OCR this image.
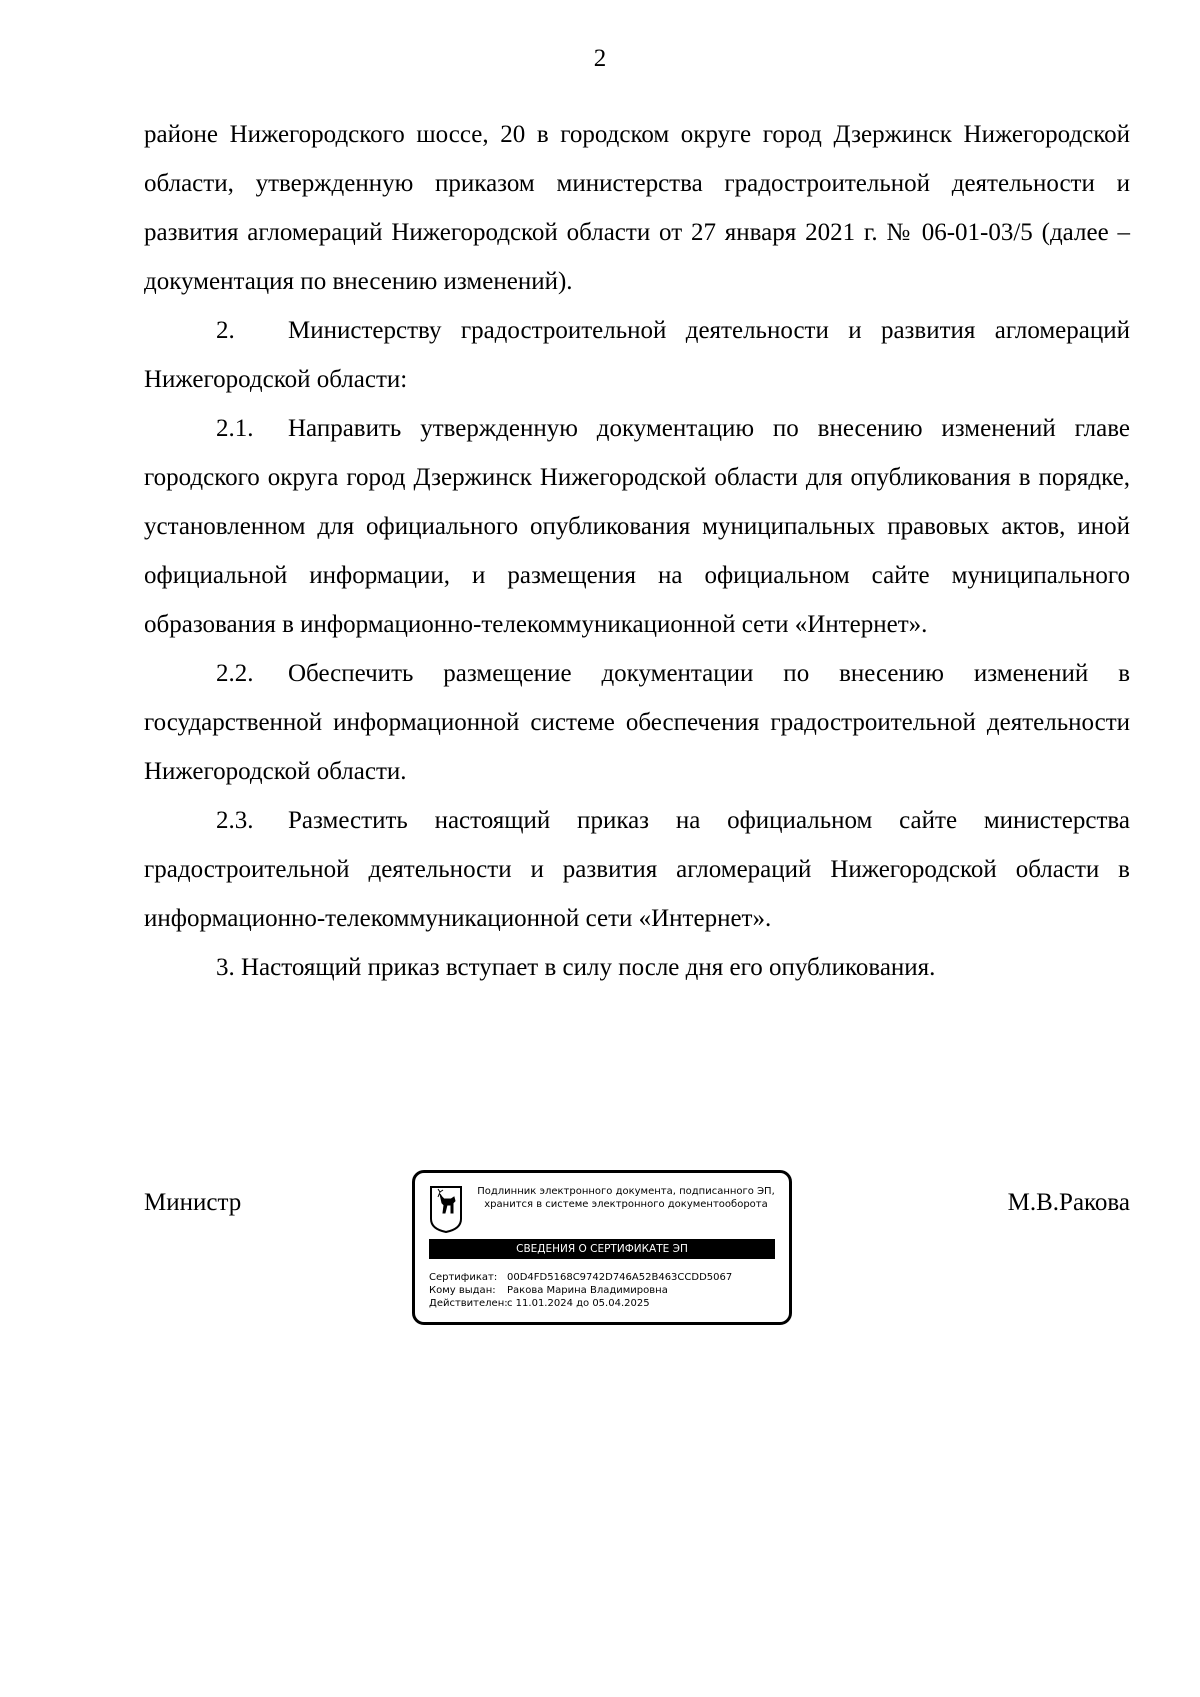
2

районе Нижегородского шоссе, 20 в городском округе город Дзержинск Нижегородской области, утвержденную приказом министерства градостроительной деятельности и развития агломераций Нижегородской области от 27 января 2021 г. № 06-01-03/5 (далее – документация по внесению изменений).

2. Министерству градостроительной деятельности и развития агломераций Нижегородской области:

2.1. Направить утвержденную документацию по внесению изменений главе городского округа город Дзержинск Нижегородской области для опубликования в порядке, установленном для официального опубликования муниципальных правовых актов, иной официальной информации, и размещения на официальном сайте муниципального образования в информационно-телекоммуникационной сети «Интернет».

2.2. Обеспечить размещение документации по внесению изменений в государственной информационной системе обеспечения градостроительной деятельности Нижегородской области.

2.3. Разместить настоящий приказ на официальном сайте министерства градостроительной деятельности и развития агломераций Нижегородской области в информационно-телекоммуникационной сети «Интернет».

3. Настоящий приказ вступает в силу после дня его опубликования.

Министр	Подлинник электронного документа, подписанного ЭП,
хранится в системе электронного документооборота
СВЕДЕНИЯ О СЕРТИФИКАТЕ ЭП
Сертификат: 00D4FD5168C9742D746A52B463CCDD5067
Кому выдан: Ракова Марина Владимировна
Действителен:с 11.01.2024 до 05.04.2025
М.В.Ракова
